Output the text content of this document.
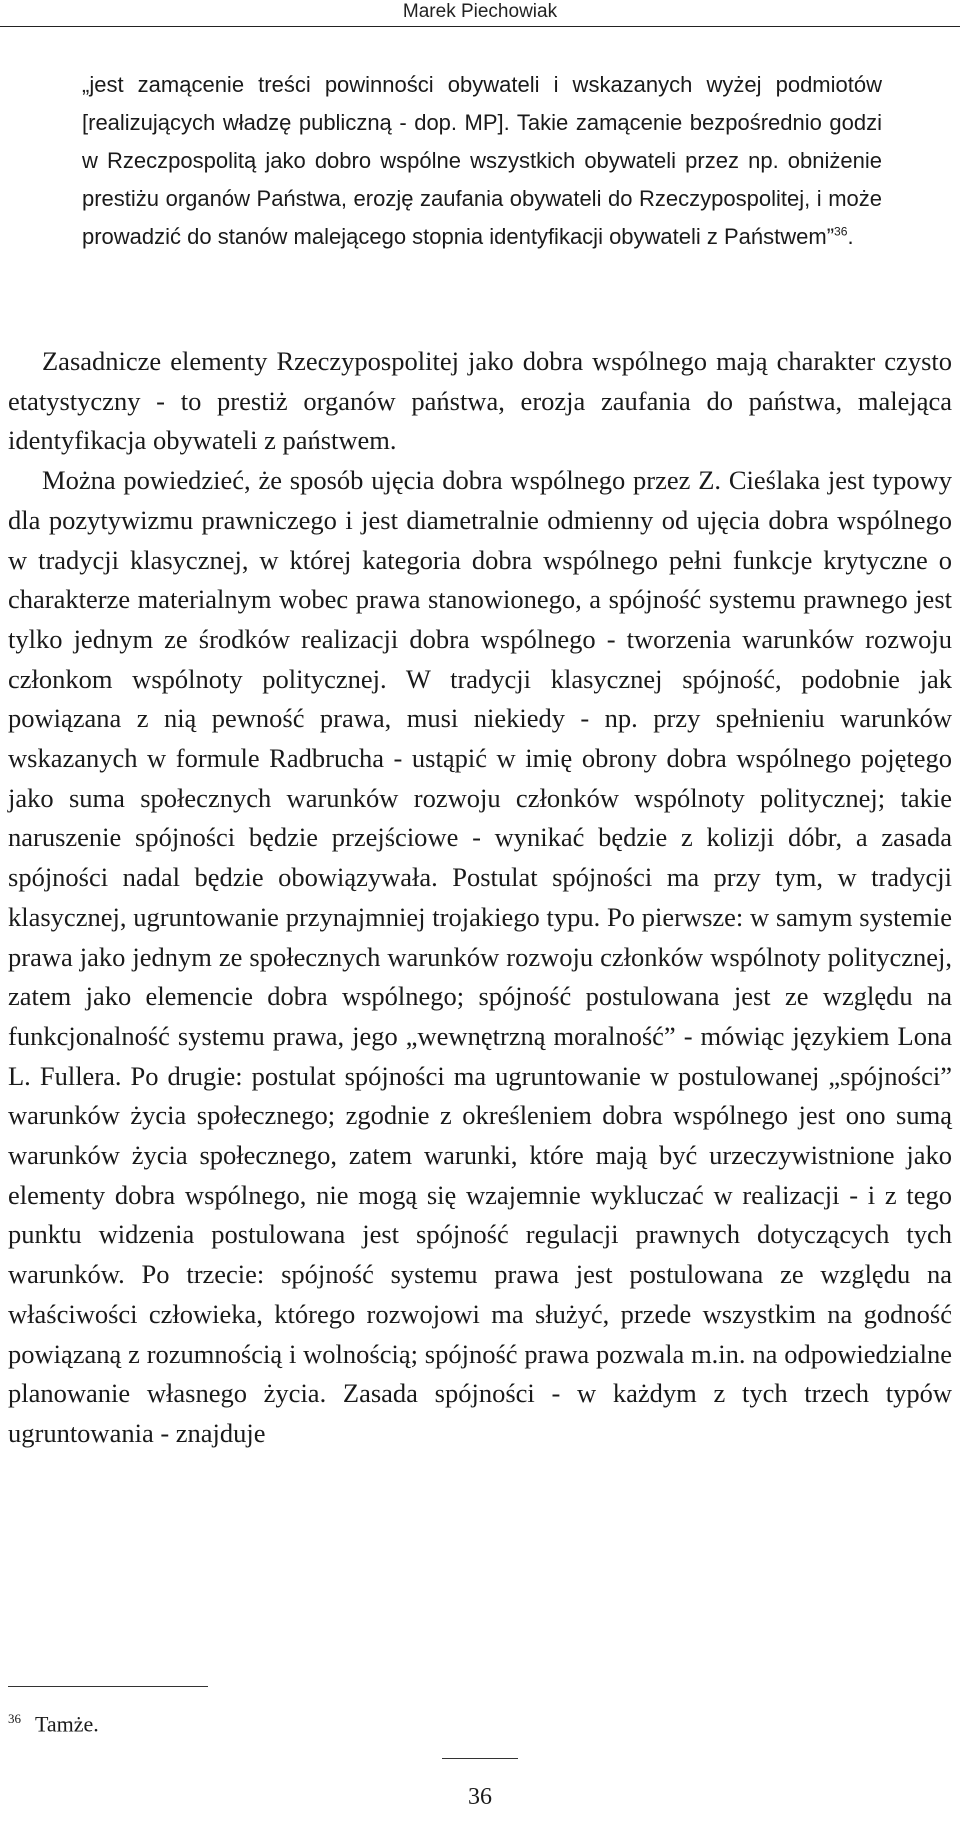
Marek Piechowiak

„jest zamącenie treści powinności obywateli i wskazanych wyżej podmiotów [realizujących władzę publiczną - dop. MP]. Takie zamącenie bezpośrednio godzi w Rzeczpospolitą jako dobro wspólne wszystkich obywateli przez np. obniżenie prestiżu organów Państwa, erozję zaufania obywateli do Rzeczypospolitej, i może prowadzić do stanów malejącego stopnia identyfikacji obywateli z Państwem”$^{36}$.

Zasadnicze elementy Rzeczypospolitej jako dobra wspólnego mają charakter czysto etatystyczny - to prestiż organów państwa, erozja zaufania do państwa, malejąca identyfikacja obywateli z państwem.

Można powiedzieć, że sposób ujęcia dobra wspólnego przez Z. Cieślaka jest typowy dla pozytywizmu prawniczego i jest diametralnie odmienny od ujęcia dobra wspólnego w tradycji klasycznej, w której kategoria dobra wspólnego pełni funkcje krytyczne o charakterze materialnym wobec prawa stanowionego, a spójność systemu prawnego jest tylko jednym ze środków realizacji dobra wspólnego - tworzenia warunków rozwoju członkom wspólnoty politycznej. W tradycji klasycznej spójność, podobnie jak powiązana z nią pewność prawa, musi niekiedy - np. przy spełnieniu warunków wskazanych w formule Radbrucha - ustąpić w imię obrony dobra wspólnego pojętego jako suma społecznych warunków rozwoju członków wspólnoty politycznej; takie naruszenie spójności będzie przejściowe - wynikać będzie z kolizji dóbr, a zasada spójności nadal będzie obowiązywała. Postulat spójności ma przy tym, w tradycji klasycznej, ugruntowanie przynajmniej trojakiego typu. Po pierwsze: w samym systemie prawa jako jednym ze społecznych warunków rozwoju członków wspólnoty politycznej, zatem jako elemencie dobra wspólnego; spójność postulowana jest ze względu na funkcjonalność systemu prawa, jego „wewnętrzną moralność” - mówiąc językiem Lona L. Fullera. Po drugie: postulat spójności ma ugruntowanie w postulowanej „spójności” warunków życia społecznego; zgodnie z określeniem dobra wspólnego jest ono sumą warunków życia społecznego, zatem warunki, które mają być urzeczywistnione jako elementy dobra wspólnego, nie mogą się wzajemnie wykluczać w realizacji - i z tego punktu widzenia postulowana jest spójność regulacji prawnych dotyczących tych warunków. Po trzecie: spójność systemu prawa jest postulowana ze względu na właściwości człowieka, którego rozwojowi ma służyć, przede wszystkim na godność powiązaną z rozumnością i wolnością; spójność prawa pozwala m.in. na odpowiedzialne planowanie własnego życia. Zasada spójności - w każdym z tych trzech typów ugruntowania - znajduje

$^{36}$ Tamże.
36
